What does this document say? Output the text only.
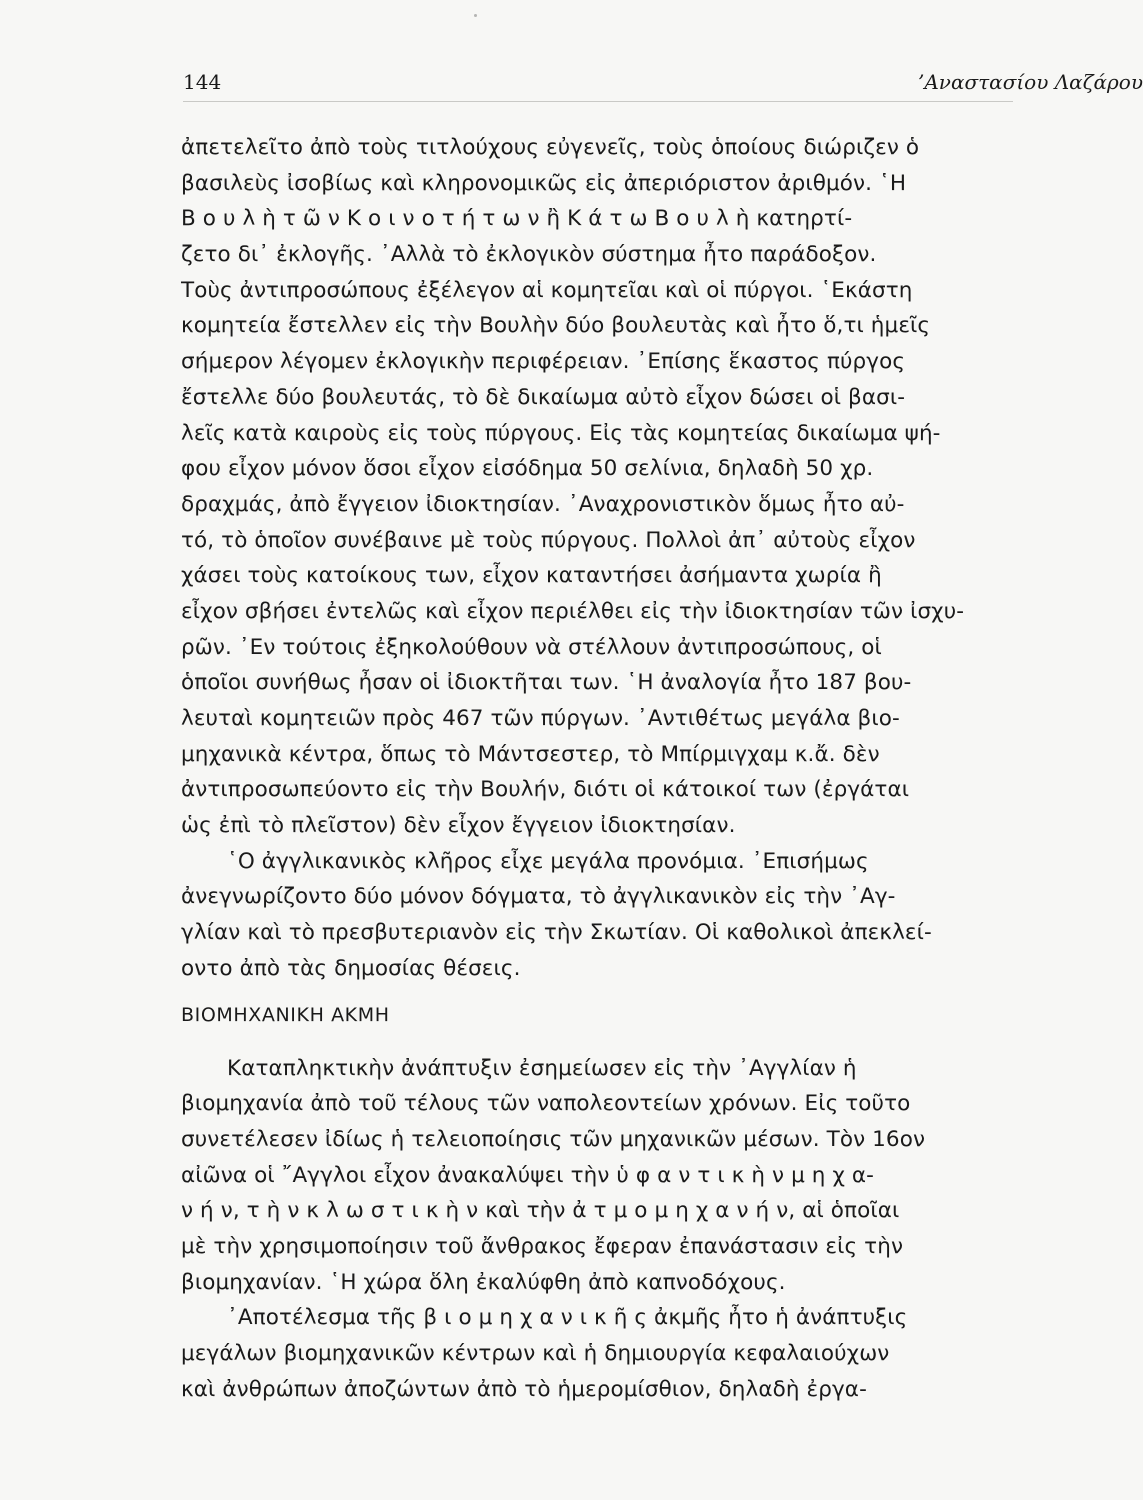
144	’Αναστασίου Λαζάρου
ἀπετελεῖτο ἀπὸ τοὺς τιτλούχους εὐγενεῖς, τοὺς ὁποίους διώριζεν ὁ
βασιλεὺς ἰσοβίως καὶ κληρονομικῶς εἰς ἀπεριόριστον ἀριθμόν. ῾Η
Β ο υ λ ὴ τ ῶ ν Κ ο ι ν ο τ ή τ ω ν ἢ Κ ά τ ω Β ο υ λ ὴ κατηρτί-
ζετο δι᾿ ἐκλογῆς. ᾿Αλλὰ τὸ ἐκλογικὸν σύστημα ἦτο παράδοξον.
Τοὺς ἀντιπροσώπους ἐξέλεγον αἱ κομητεῖαι καὶ οἱ πύργοι. ῾Εκάστη
κομητεία ἔστελλεν εἰς τὴν Βουλὴν δύο βουλευτὰς καὶ ἦτο ὅ,τι ἡμεῖς
σήμερον λέγομεν ἐκλογικὴν περιφέρειαν. ᾿Επίσης ἕκαστος πύργος
ἔστελλε δύο βουλευτάς, τὸ δὲ δικαίωμα αὐτὸ εἶχον δώσει οἱ βασι-
λεῖς κατὰ καιροὺς εἰς τοὺς πύργους. Εἰς τὰς κομητείας δικαίωμα ψή-
φου εἶχον μόνον ὅσοι εἶχον εἰσόδημα 50 σελίνια, δηλαδὴ 50 χρ.
δραχμάς, ἀπὸ ἔγγειον ἰδιοκτησίαν. ᾿Αναχρονιστικὸν ὅμως ἦτο αὐ-
τό, τὸ ὁποῖον συνέβαινε μὲ τοὺς πύργους. Πολλοὶ ἀπ᾿ αὐτοὺς εἶχον
χάσει τοὺς κατοίκους των, εἶχον καταντήσει ἀσήμαντα χωρία ἢ
εἶχον σβήσει ἐντελῶς καὶ εἶχον περιέλθει εἰς τὴν ἰδιοκτησίαν τῶν ἰσχυ-
ρῶν. ᾿Εν τούτοις ἐξηκολούθουν νὰ στέλλουν ἀντιπροσώπους, οἱ
ὁποῖοι συνήθως ἦσαν οἱ ἰδιοκτῆται των. ῾Η ἀναλογία ἦτο 187 βου-
λευταὶ κομητειῶν πρὸς 467 τῶν πύργων. ᾿Αντιθέτως μεγάλα βιο-
μηχανικὰ κέντρα, ὅπως τὸ Μάντσεστερ, τὸ Μπίρμιγχαμ κ.ἄ. δὲν
ἀντιπροσωπεύοντο εἰς τὴν Βουλήν, διότι οἱ κάτοικοί των (ἐργάται
ὡς ἐπὶ τὸ πλεῖστον) δὲν εἶχον ἔγγειον ἰδιοκτησίαν.
῾Ο ἀγγλικανικὸς κλῆρος εἶχε μεγάλα προνόμια. ᾿Επισήμως
ἀνεγνωρίζοντο δύο μόνον δόγματα, τὸ ἀγγλικανικὸν εἰς τὴν ᾿Αγ-
γλίαν καὶ τὸ πρεσβυτεριανὸν εἰς τὴν Σκωτίαν. Οἱ καθολικοὶ ἀπεκλεί-
οντο ἀπὸ τὰς δημοσίας θέσεις.
ΒΙΟΜΗΧΑΝΙΚΗ ΑΚΜΗ
Καταπληκτικὴν ἀνάπτυξιν ἐσημείωσεν εἰς τὴν ᾿Αγγλίαν ἡ
βιομηχανία ἀπὸ τοῦ τέλους τῶν ναπολεοντείων χρόνων. Εἰς τοῦτο
συνετέλεσεν ἰδίως ἡ τελειοποίησις τῶν μηχανικῶν μέσων. Τὸν 16ον
αἰῶνα οἱ ῎Αγγλοι εἶχον ἀνακαλύψει τὴν ὑ φ α ν τ ι κ ὴ ν μ η χ α-
ν ή ν, τ ὴ ν κ λ ω σ τ ι κ ὴ ν καὶ τὴν ἀ τ μ ο μ η χ α ν ή ν, αἱ ὁποῖαι
μὲ τὴν χρησιμοποίησιν τοῦ ἄνθρακος ἔφεραν ἐπανάστασιν εἰς τὴν
βιομηχανίαν. ῾Η χώρα ὅλη ἐκαλύφθη ἀπὸ καπνοδόχους.
᾿Αποτέλεσμα τῆς β ι ο μ η χ α ν ι κ ῆ ς ἀκμῆς ἦτο ἡ ἀνάπτυξις
μεγάλων βιομηχανικῶν κέντρων καὶ ἡ δημιουργία κεφαλαιούχων
καὶ ἀνθρώπων ἀποζώντων ἀπὸ τὸ ἡμερομίσθιον, δηλαδὴ ἐργα-
